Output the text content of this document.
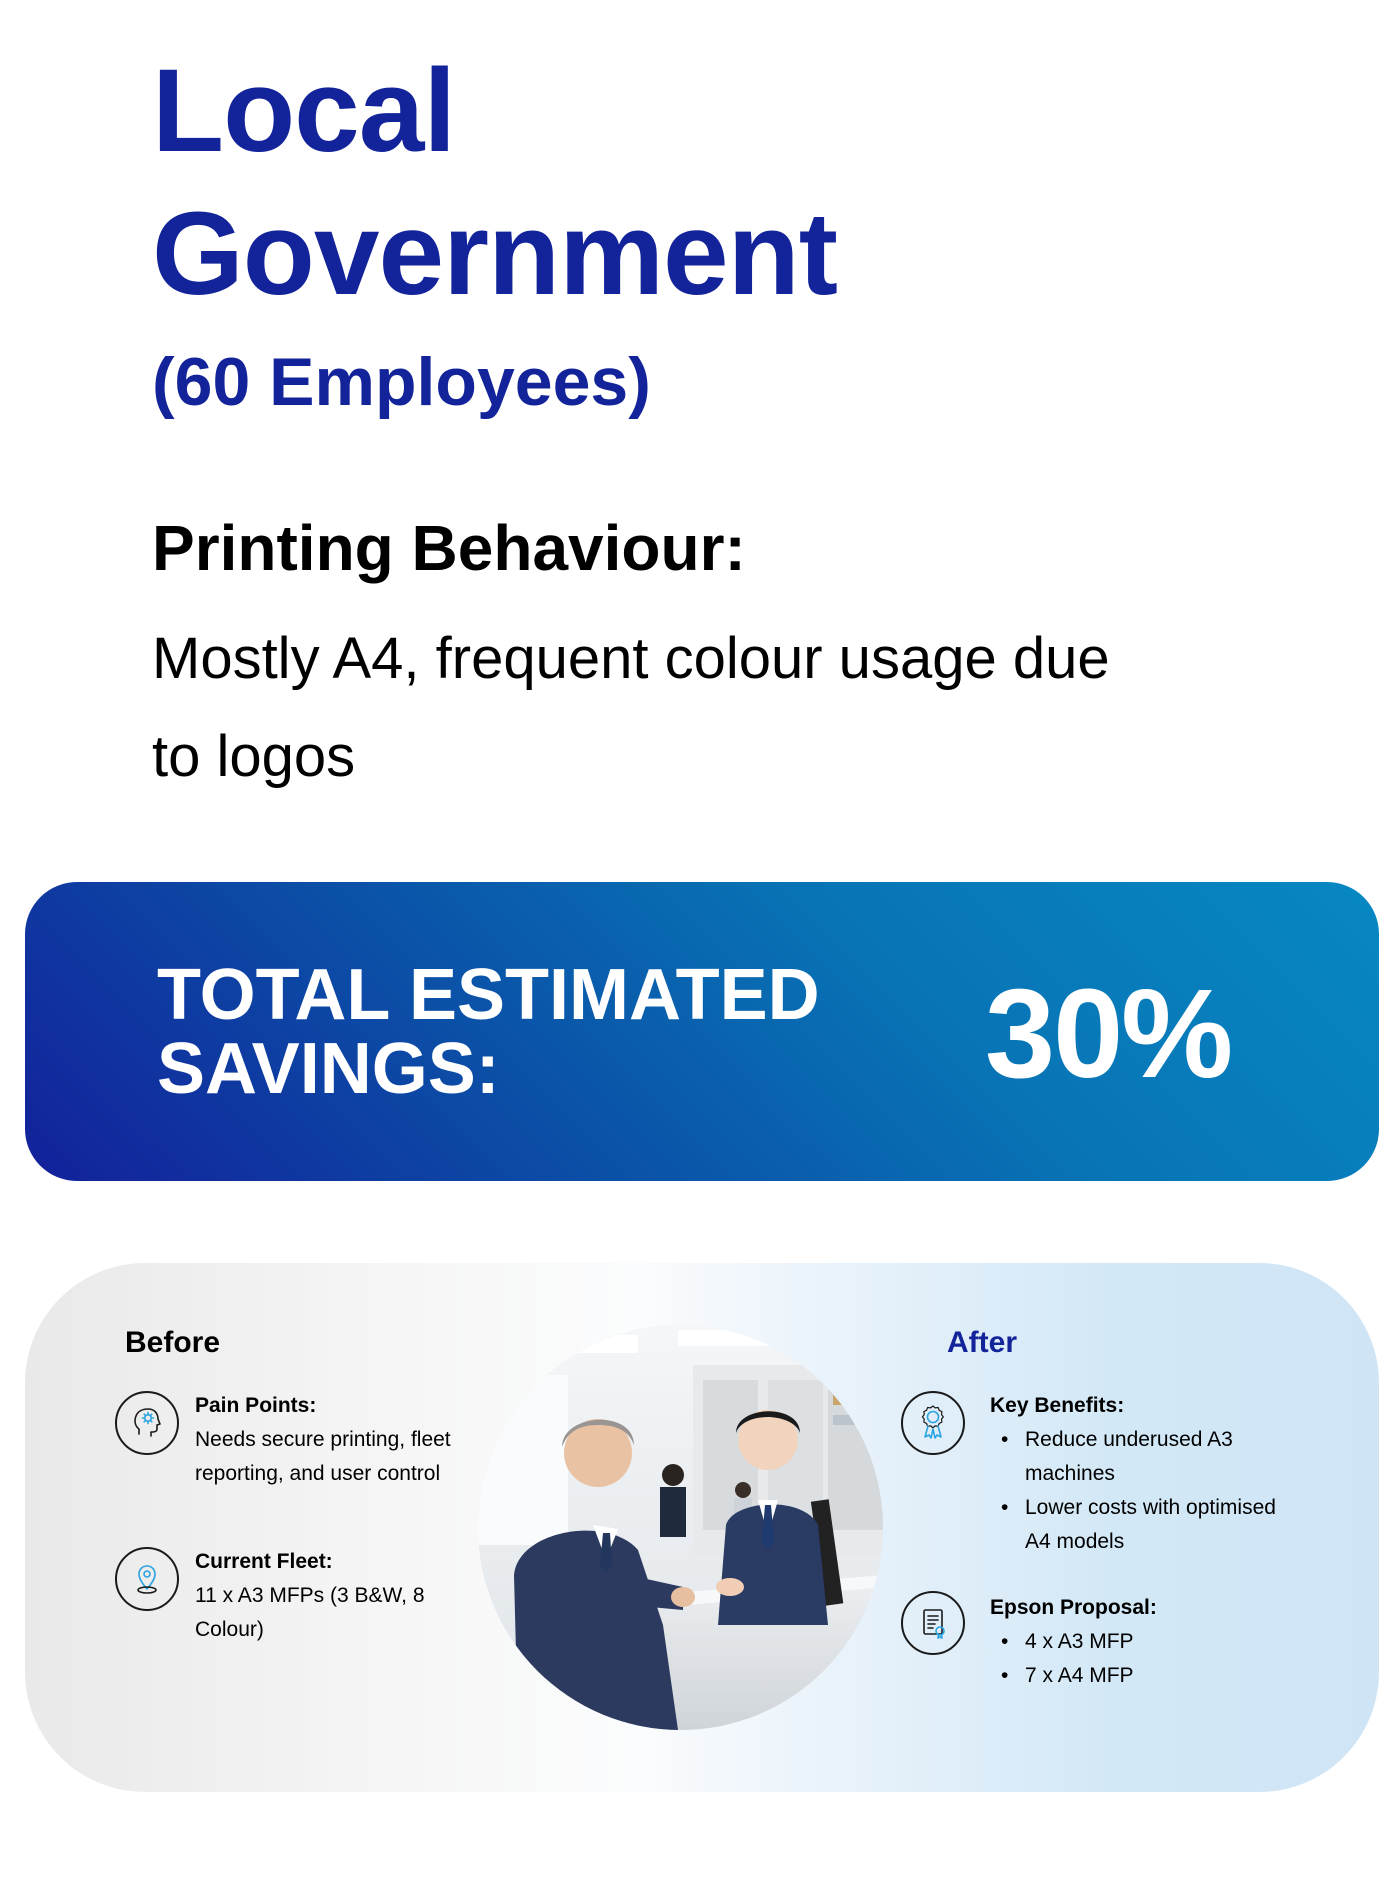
Local
Government
(60 Employees)
Printing Behaviour:
Mostly A4, frequent colour usage due to logos
TOTAL ESTIMATED
SAVINGS:	30%
Before
Pain Points:
Needs secure printing, fleet reporting, and user control
Current Fleet:
11 x A3 MFPs (3 B&W, 8 Colour)
After
Key Benefits:
• Reduce underused A3 machines
• Lower costs with optimised A4 models
Epson Proposal:
• 4 x A3 MFP
• 7 x A4 MFP
